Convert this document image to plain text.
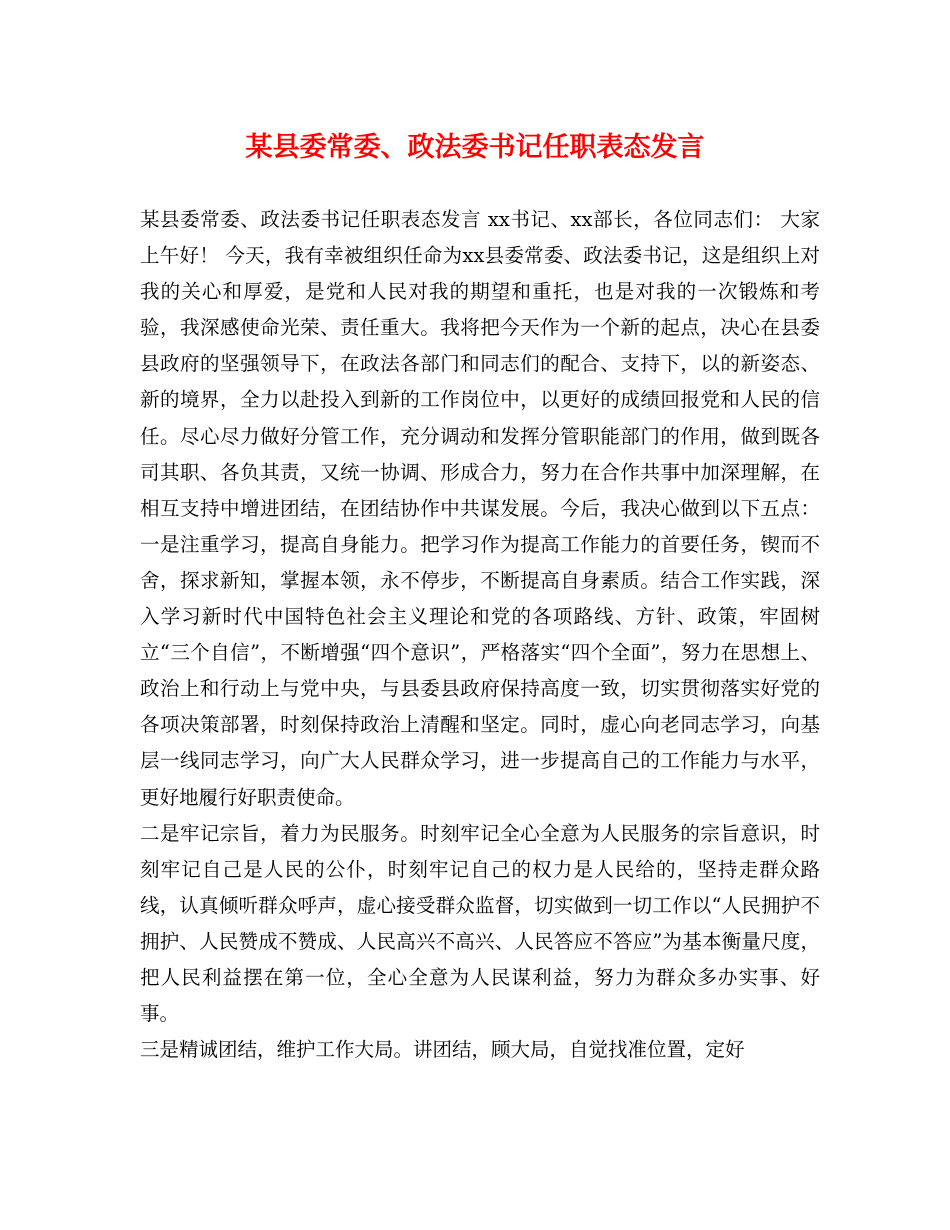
某县委常委、政法委书记任职表态发言

某县委常委、政法委书记任职表态发言 xx书记、xx部长，各位同志们： 大家上午好！ 今天，我有幸被组织任命为xx县委常委、政法委书记，这是组织上对我的关心和厚爱，是党和人民对我的期望和重托，也是对我的一次锻炼和考验，我深感使命光荣、责任重大。我将把今天作为一个新的起点，决心在县委县政府的坚强领导下，在政法各部门和同志们的配合、支持下，以的新姿态、新的境界，全力以赴投入到新的工作岗位中，以更好的成绩回报党和人民的信任。尽心尽力做好分管工作，充分调动和发挥分管职能部门的作用，做到既各司其职、各负其责，又统一协调、形成合力，努力在合作共事中加深理解，在相互支持中增进团结，在团结协作中共谋发展。今后，我决心做到以下五点： 一是注重学习，提高自身能力。把学习作为提高工作能力的首要任务，锲而不舍，探求新知，掌握本领，永不停步，不断提高自身素质。结合工作实践，深入学习新时代中国特色社会主义理论和党的各项路线、方针、政策，牢固树立“三个自信”，不断增强“四个意识”，严格落实“四个全面”，努力在思想上、政治上和行动上与党中央，与县委县政府保持高度一致，切实贯彻落实好党的各项决策部署，时刻保持政治上清醒和坚定。同时，虚心向老同志学习，向基层一线同志学习，向广大人民群众学习，进一步提高自己的工作能力与水平，更好地履行好职责使命。

二是牢记宗旨，着力为民服务。时刻牢记全心全意为人民服务的宗旨意识，时刻牢记自己是人民的公仆，时刻牢记自己的权力是人民给的，坚持走群众路线，认真倾听群众呼声，虚心接受群众监督，切实做到一切工作以“人民拥护不拥护、人民赞成不赞成、人民高兴不高兴、人民答应不答应”为基本衡量尺度，把人民利益摆在第一位，全心全意为人民谋利益，努力为群众多办实事、好事。

三是精诚团结，维护工作大局。讲团结，顾大局，自觉找准位置，定好
